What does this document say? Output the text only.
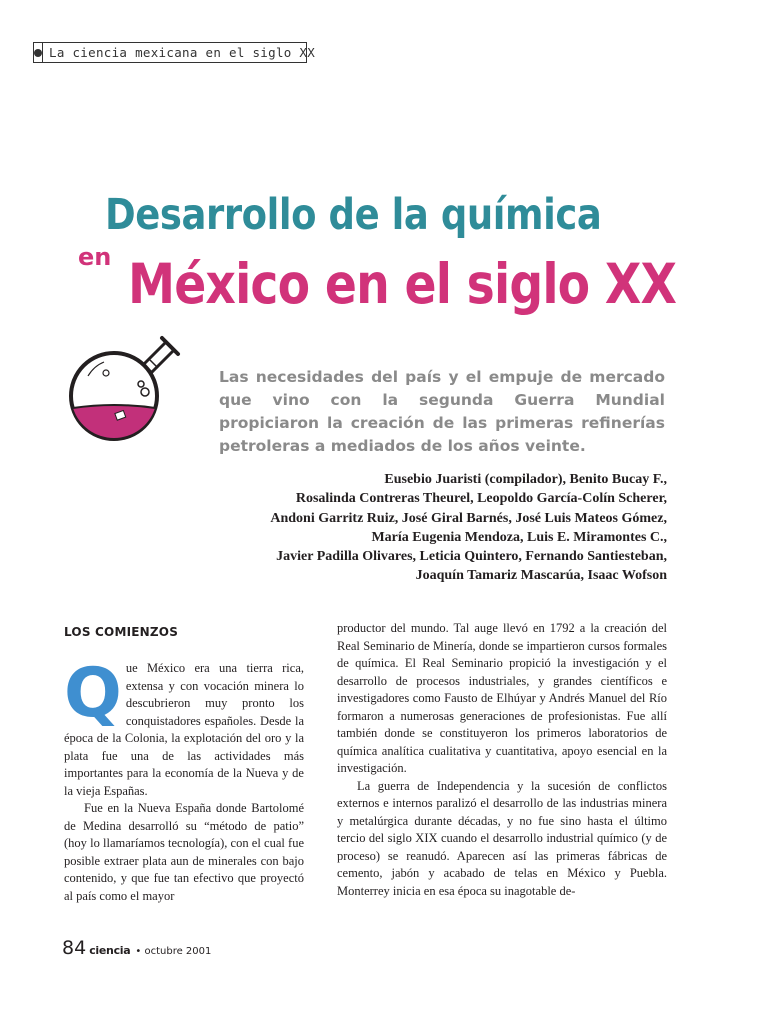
La ciencia mexicana en el siglo XX
Desarrollo de la química
en México en el siglo XX

Las necesidades del país y el empuje de mercado que vino con la segunda Guerra Mundial propiciaron la creación de las primeras refinerías petroleras a mediados de los años veinte.

Eusebio Juaristi (compilador), Benito Bucay F.,
Rosalinda Contreras Theurel, Leopoldo García-Colín Scherer,
Andoni Garritz Ruiz, José Giral Barnés, José Luis Mateos Gómez,
María Eugenia Mendoza, Luis E. Miramontes C.,
Javier Padilla Olivares, Leticia Quintero, Fernando Santiesteban,
Joaquín Tamariz Mascarúa, Isaac Wofson
LOS COMIENZOS

Q ue México era una tierra rica, extensa y con vocación minera lo descubrieron muy pronto los conquistadores españoles. Desde la época de la Colonia, la explotación del oro y la plata fue una de las actividades más importantes para la economía de la Nueva y de la vieja Españas.

Fue en la Nueva España donde Bartolomé de Medina desarrolló su “método de patio” (hoy lo llamaríamos tecnología), con el cual fue posible extraer plata aun de minerales con bajo contenido, y que fue tan efectivo que proyectó al país como el mayor

productor del mundo. Tal auge llevó en 1792 a la creación del Real Seminario de Minería, donde se impartieron cursos formales de química. El Real Seminario propició la investigación y el desarrollo de procesos industriales, y grandes científicos e investigadores como Fausto de Elhúyar y Andrés Manuel del Río formaron a numerosas generaciones de profesionistas. Fue allí también donde se constituyeron los primeros laboratorios de química analítica cualitativa y cuantitativa, apoyo esencial en la investigación.

La guerra de Independencia y la sucesión de conflictos externos e internos paralizó el desarrollo de las industrias minera y metalúrgica durante décadas, y no fue sino hasta el último tercio del siglo XIX cuando el desarrollo industrial químico (y de proceso) se reanudó. Aparecen así las primeras fábricas de cemento, jabón y acabado de telas en México y Puebla. Monterrey inicia en esa época su inagotable de-

84 ciencia • octubre 2001
